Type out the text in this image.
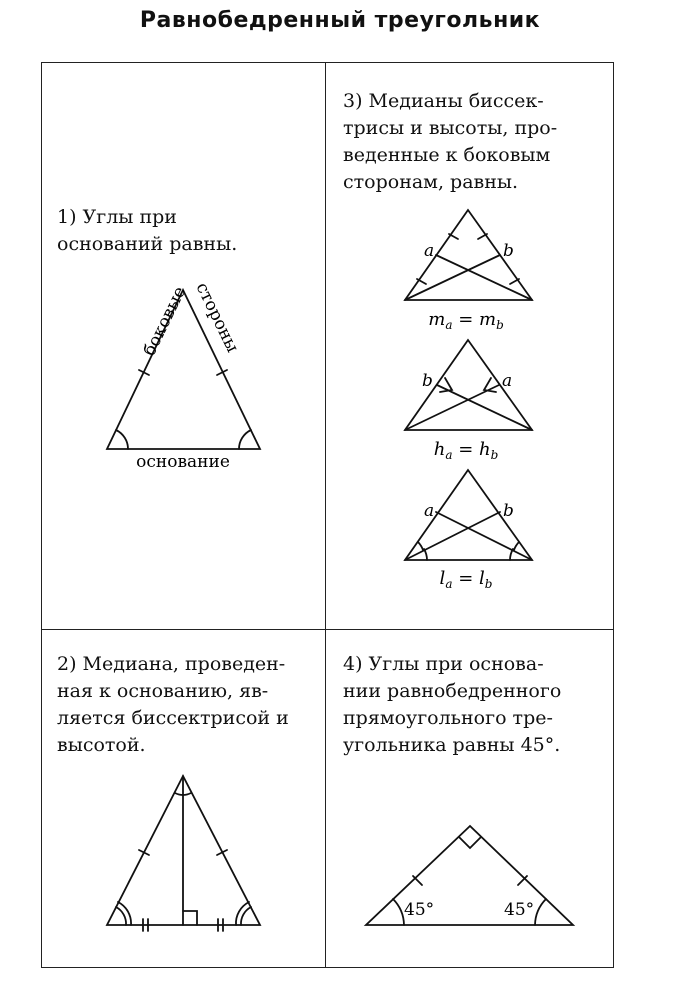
Равнобедренный треугольник
1) Углы при
оснований равны.
2) Медиана, проведен-
ная к основанию, яв-
ляется биссектрисой и
высотой.
3) Медианы биссек-
трисы и высоты, про-
веденные к боковым
сторонам, равны.
4) Углы при основа-
нии равнобедренного
прямоугольного тре-
угольника равны 45°.
боковые стороны
основание
a	b
$m_a = m_b$
b	a
$h_a = h_b$
a	b
$l_a = l_b$
45°	45°
